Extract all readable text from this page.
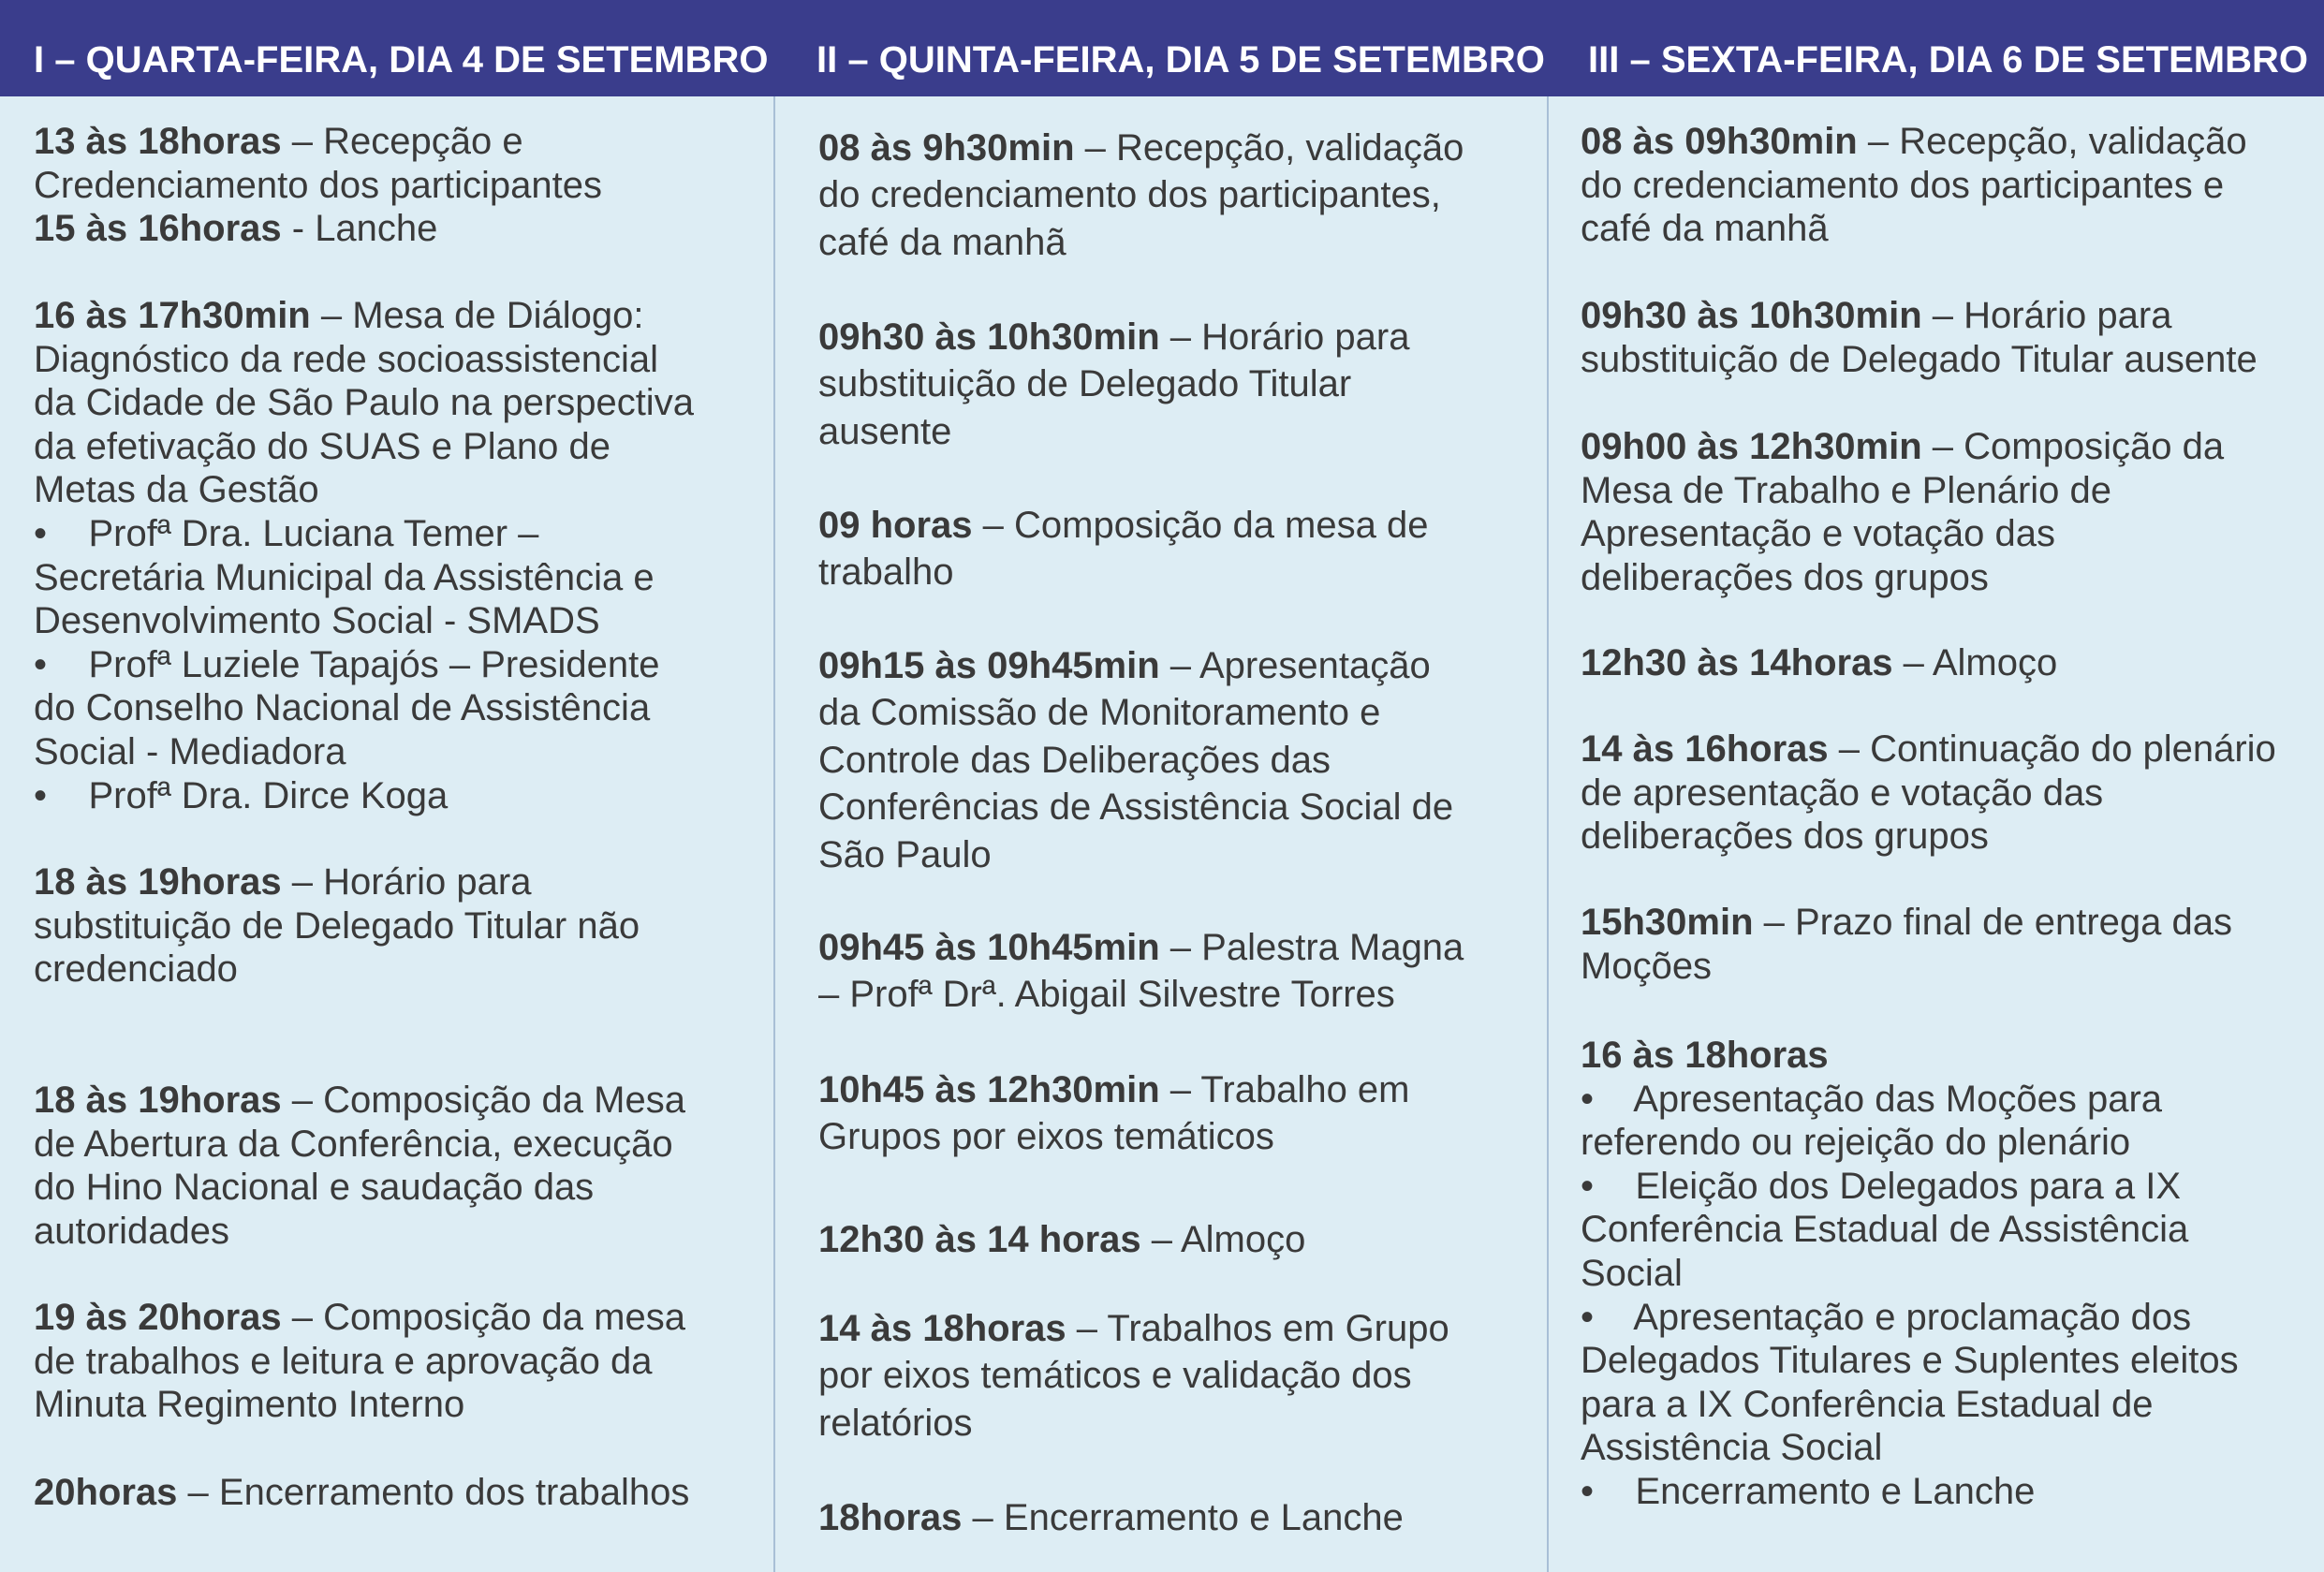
I – QUARTA-FEIRA, DIA 4 DE SETEMBRO II – QUINTA-FEIRA, DIA 5 DE SETEMBRO III – SEXTA-FEIRA, DIA 6 DE SETEMBRO
13 às 18horas – Recepção e
Credenciamento dos participantes
15 às 16horas - Lanche
16 às 17h30min – Mesa de Diálogo:
Diagnóstico da rede socioassistencial
da Cidade de São Paulo na perspectiva
da efetivação do SUAS e Plano de
Metas da Gestão
•    Profª Dra. Luciana Temer –
Secretária Municipal da Assistência e
Desenvolvimento Social - SMADS
•    Profª Luziele Tapajós – Presidente
do Conselho Nacional de Assistência
Social - Mediadora
•    Profª Dra. Dirce Koga
18 às 19horas – Horário para
substituição de Delegado Titular não
credenciado
18 às 19horas – Composição da Mesa
de Abertura da Conferência, execução
do Hino Nacional e saudação das
autoridades
19 às 20horas – Composição da mesa
de trabalhos e leitura e aprovação da
Minuta Regimento Interno
20horas – Encerramento dos trabalhos
08 às 9h30min – Recepção, validação
do credenciamento dos participantes,
café da manhã
09h30 às 10h30min – Horário para
substituição de Delegado Titular
ausente
09 horas – Composição da mesa de
trabalho
09h15 às 09h45min – Apresentação
da Comissão de Monitoramento e
Controle das Deliberações das
Conferências de Assistência Social de
São Paulo
09h45 às 10h45min – Palestra Magna
– Profª Drª. Abigail Silvestre Torres
10h45 às 12h30min – Trabalho em
Grupos por eixos temáticos
12h30 às 14 horas – Almoço
14 às 18horas – Trabalhos em Grupo
por eixos temáticos e validação dos
relatórios
18horas – Encerramento e Lanche
08 às 09h30min – Recepção, validação
do credenciamento dos participantes e
café da manhã
09h30 às 10h30min – Horário para
substituição de Delegado Titular ausente
09h00 às 12h30min – Composição da
Mesa de Trabalho e Plenário de
Apresentação e votação das
deliberações dos grupos
12h30 às 14horas – Almoço
14 às 16horas – Continuação do plenário
de apresentação e votação das
deliberações dos grupos
15h30min – Prazo final de entrega das
Moções
16 às 18horas
•    Apresentação das Moções para
referendo ou rejeição do plenário
•    Eleição dos Delegados para a IX
Conferência Estadual de Assistência
Social
•    Apresentação e proclamação dos
Delegados Titulares e Suplentes eleitos
para a IX Conferência Estadual de
Assistência Social
•    Encerramento e Lanche
